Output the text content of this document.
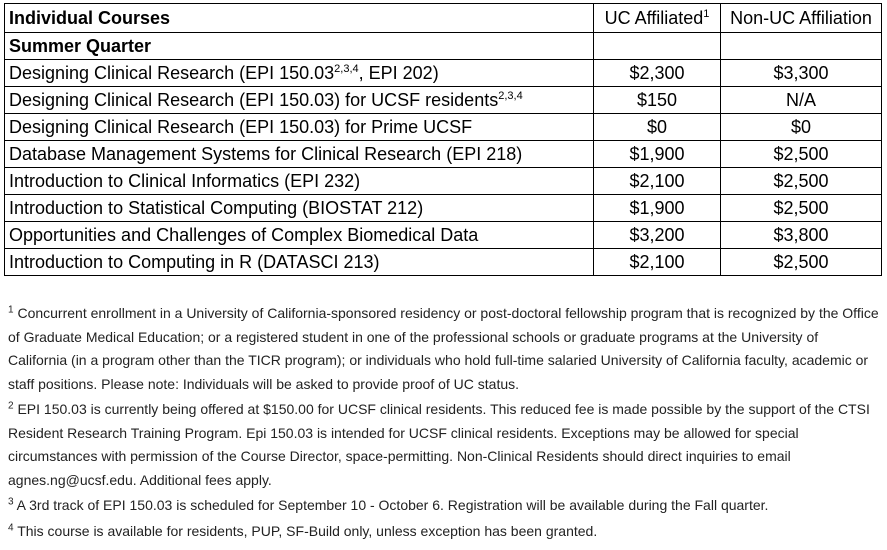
Individual Courses	UC Affiliated$^1$	Non-UC Affiliation
Summer Quarter		
Designing Clinical Research (EPI 150.03$^{2,3,4}$, EPI 202)	$2,300	$3,300
Designing Clinical Research (EPI 150.03) for UCSF residents$^{2,3,4}$	$150	N/A
Designing Clinical Research (EPI 150.03) for Prime UCSF	$0	$0
Database Management Systems for Clinical Research (EPI 218)	$1,900	$2,500
Introduction to Clinical Informatics (EPI 232)	$2,100	$2,500
Introduction to Statistical Computing (BIOSTAT 212)	$1,900	$2,500
Opportunities and Challenges of Complex Biomedical Data	$3,200	$3,800
Introduction to Computing in R (DATASCI 213)	$2,100	$2,500

$^1$ Concurrent enrollment in a University of California-sponsored residency or post-doctoral fellowship program that is recognized by the Office of Graduate Medical Education; or a registered student in one of the professional schools or graduate programs at the University of California (in a program other than the TICR program); or individuals who hold full-time salaried University of California faculty, academic or staff positions. Please note: Individuals will be asked to provide proof of UC status.

$^2$ EPI 150.03 is currently being offered at $150.00 for UCSF clinical residents. This reduced fee is made possible by the support of the CTSI Resident Research Training Program. Epi 150.03 is intended for UCSF clinical residents. Exceptions may be allowed for special circumstances with permission of the Course Director, space-permitting. Non-Clinical Residents should direct inquiries to email agnes.ng@ucsf.edu. Additional fees apply.

$^3$ A 3rd track of EPI 150.03 is scheduled for September 10 - October 6. Registration will be available during the Fall quarter.

$^4$ This course is available for residents, PUP, SF-Build only, unless exception has been granted.
